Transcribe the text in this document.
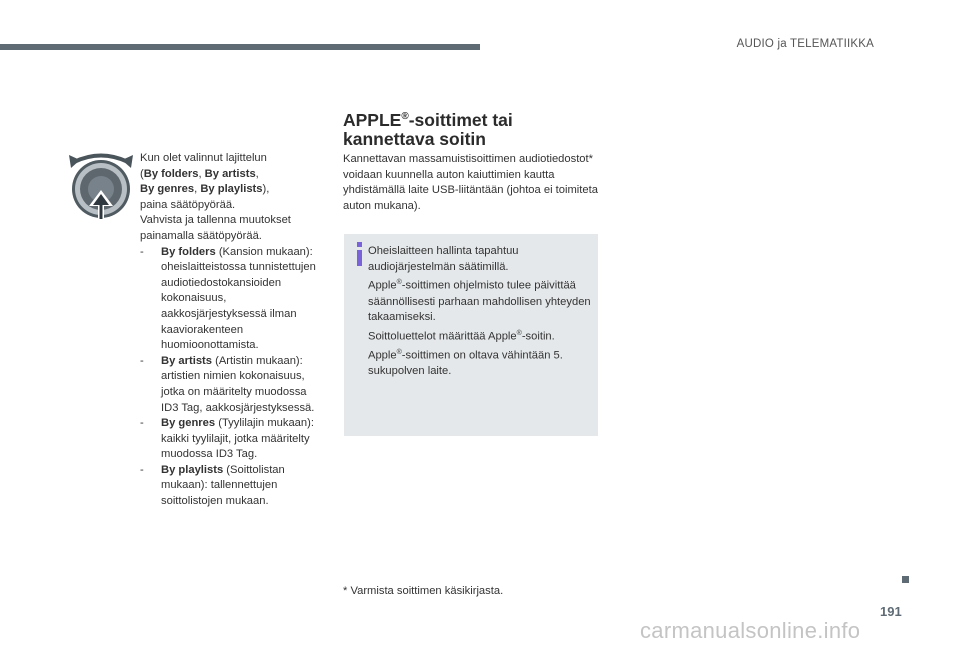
AUDIO ja TELEMATIIKKA

Kun olet valinnut lajittelun
(By folders, By artists,
By genres, By playlists),
paina säätöpyörää.

Vahvista ja tallenna muutokset painamalla säätöpyörää.

- By folders (Kansion mukaan): oheislaitteistossa tunnistettujen audiotiedostokansioiden kokonaisuus, aakkosjärjestyksessä ilman kaaviorakenteen huomioonottamista.

- By artists (Artistin mukaan): artistien nimien kokonaisuus, jotka on määritelty muodossa ID3 Tag, aakkosjärjestyksessä.

- By genres (Tyylilajin mukaan): kaikki tyylilajit, jotka määritelty muodossa ID3 Tag.

- By playlists (Soittolistan mukaan): tallennettujen soittolistojen mukaan.

APPLE®-soittimet tai
kannettava soitin

Kannettavan massamuistisoittimen audiotiedostot* voidaan kuunnella auton kaiuttimien kautta yhdistämällä laite USB-liitäntään (johtoa ei toimiteta auton mukana).

Oheislaitteen hallinta tapahtuu audiojärjestelmän säätimillä.
Apple®-soittimen ohjelmisto tulee päivittää säännöllisesti parhaan mahdollisen yhteyden takaamiseksi.
Soittoluettelot määrittää Apple®-soitin.
Apple®-soittimen on oltava vähintään 5. sukupolven laite.

* Varmista soittimen käsikirjasta.

191
carmanualsonline.info
